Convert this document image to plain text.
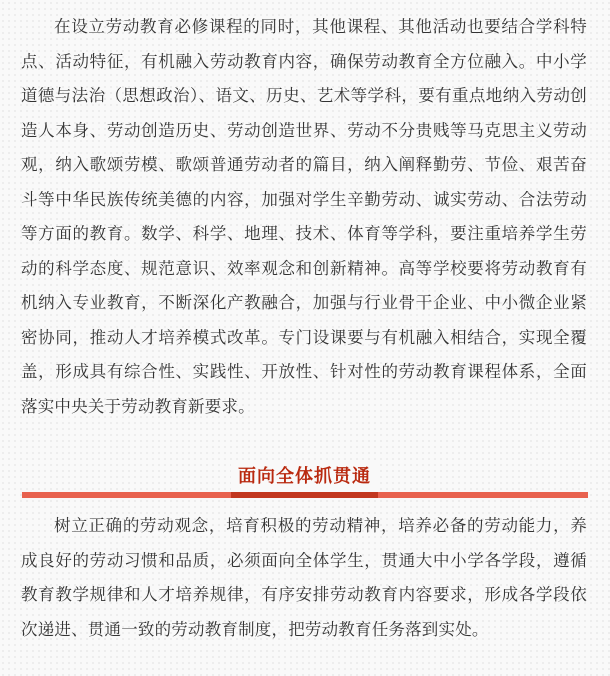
在设立劳动教育必修课程的同时，其他课程、其他活动也要结合学科特点、活动特征，有机融入劳动教育内容，确保劳动教育全方位融入。中小学道德与法治（思想政治）、语文、历史、艺术等学科，要有重点地纳入劳动创造人本身、劳动创造历史、劳动创造世界、劳动不分贵贱等马克思主义劳动观，纳入歌颂劳模、歌颂普通劳动者的篇目，纳入阐释勤劳、节俭、艰苦奋斗等中华民族传统美德的内容，加强对学生辛勤劳动、诚实劳动、合法劳动等方面的教育。数学、科学、地理、技术、体育等学科，要注重培养学生劳动的科学态度、规范意识、效率观念和创新精神。高等学校要将劳动教育有机纳入专业教育，不断深化产教融合，加强与行业骨干企业、中小微企业紧密协同，推动人才培养模式改革。专门设课要与有机融入相结合，实现全覆盖，形成具有综合性、实践性、开放性、针对性的劳动教育课程体系，全面落实中央关于劳动教育新要求。

面向全体抓贯通

树立正确的劳动观念，培育积极的劳动精神，培养必备的劳动能力，养成良好的劳动习惯和品质，必须面向全体学生，贯通大中小学各学段，遵循教育教学规律和人才培养规律，有序安排劳动教育内容要求，形成各学段依次递进、贯通一致的劳动教育制度，把劳动教育任务落到实处。
